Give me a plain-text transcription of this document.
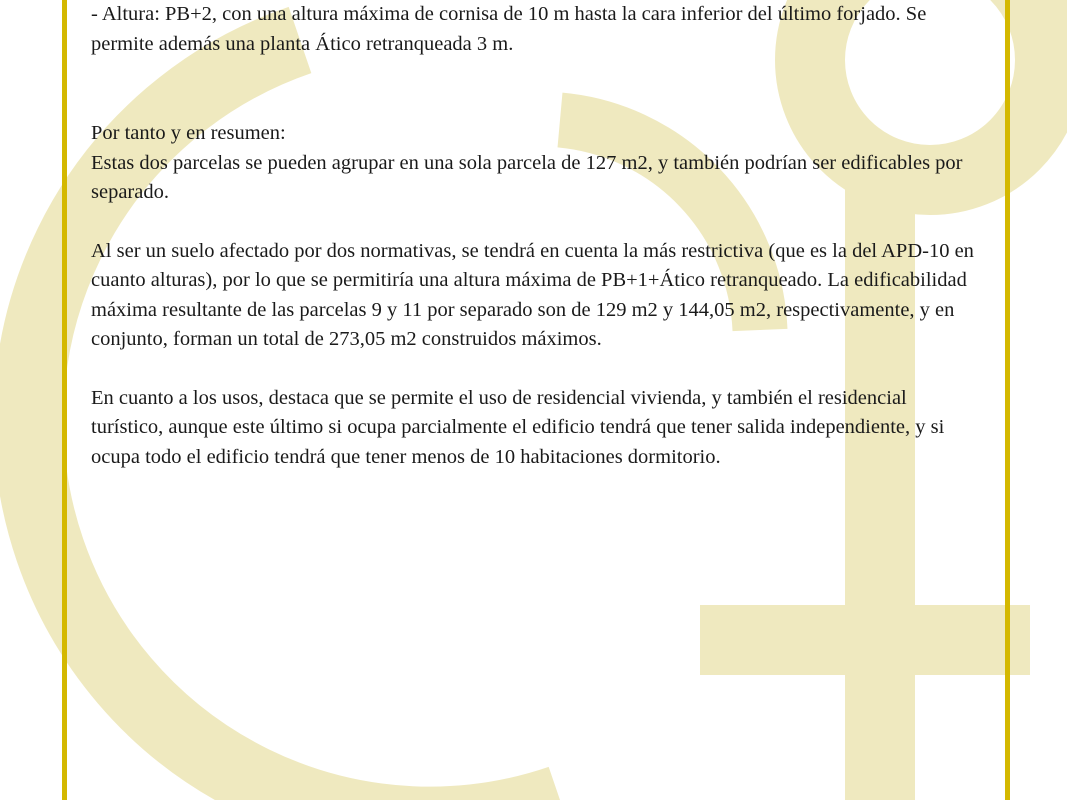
- Altura: PB+2, con una altura máxima de cornisa de 10 m hasta la cara inferior del último forjado. Se permite además una planta Ático retranqueada 3 m.

Por tanto y en resumen:

Estas dos parcelas se pueden agrupar en una sola parcela de 127 m2, y también podrían ser edificables por separado.

Al ser un suelo afectado por dos normativas, se tendrá en cuenta la más restrictiva (que es la del APD-10 en cuanto alturas), por lo que se permitiría una altura máxima de PB+1+Ático retranqueado. La edificabilidad máxima resultante de las parcelas 9 y 11 por separado son de 129 m2 y 144,05 m2, respectivamente, y en conjunto, forman un total de 273,05 m2 construidos máximos.

En cuanto a los usos, destaca que se permite el uso de residencial vivienda, y también el residencial turístico, aunque este último si ocupa parcialmente el edificio tendrá que tener salida independiente, y si ocupa todo el edificio tendrá que tener menos de 10 habitaciones dormitorio.
